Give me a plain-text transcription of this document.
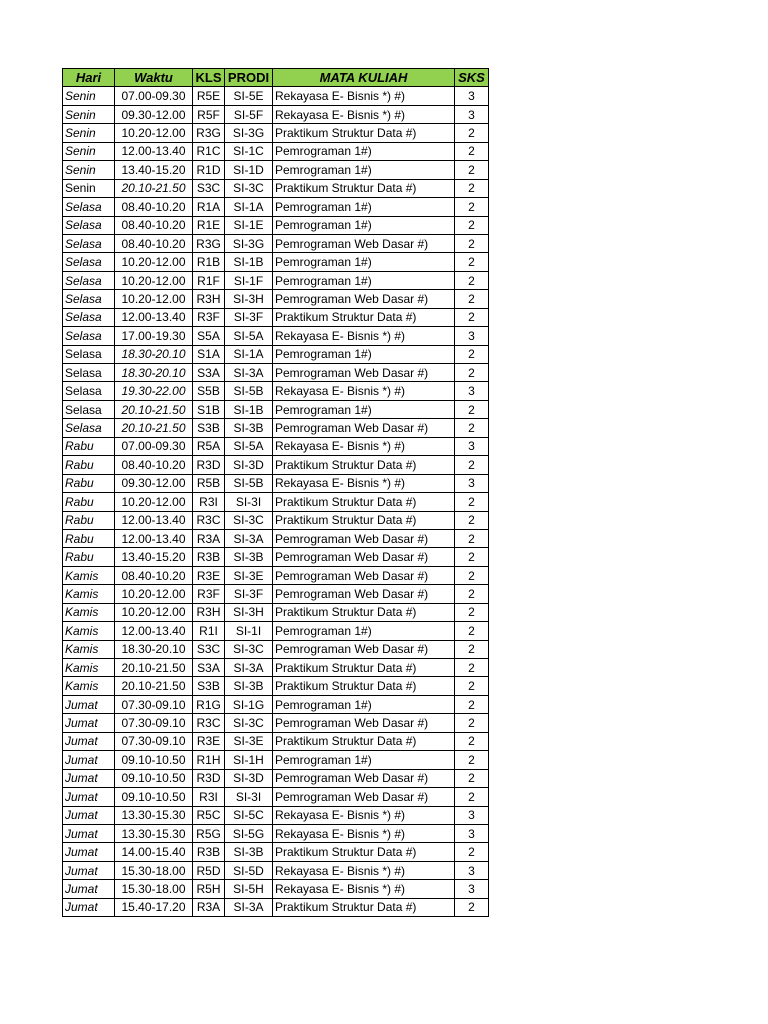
Hari	Waktu	KLS	PRODI	MATA KULIAH	SKS
Senin	07.00-09.30	R5E	SI-5E	Rekayasa E- Bisnis *) #)	3
Senin	09.30-12.00	R5F	SI-5F	Rekayasa E- Bisnis *) #)	3
Senin	10.20-12.00	R3G	SI-3G	Praktikum Struktur Data #)	2
Senin	12.00-13.40	R1C	SI-1C	Pemrograman 1#)	2
Senin	13.40-15.20	R1D	SI-1D	Pemrograman 1#)	2
Senin	20.10-21.50	S3C	SI-3C	Praktikum Struktur Data #)	2
Selasa	08.40-10.20	R1A	SI-1A	Pemrograman 1#)	2
Selasa	08.40-10.20	R1E	SI-1E	Pemrograman 1#)	2
Selasa	08.40-10.20	R3G	SI-3G	Pemrograman Web Dasar #)	2
Selasa	10.20-12.00	R1B	SI-1B	Pemrograman 1#)	2
Selasa	10.20-12.00	R1F	SI-1F	Pemrograman 1#)	2
Selasa	10.20-12.00	R3H	SI-3H	Pemrograman Web Dasar #)	2
Selasa	12.00-13.40	R3F	SI-3F	Praktikum Struktur Data #)	2
Selasa	17.00-19.30	S5A	SI-5A	Rekayasa E- Bisnis *) #)	3
Selasa	18.30-20.10	S1A	SI-1A	Pemrograman 1#)	2
Selasa	18.30-20.10	S3A	SI-3A	Pemrograman Web Dasar #)	2
Selasa	19.30-22.00	S5B	SI-5B	Rekayasa E- Bisnis *) #)	3
Selasa	20.10-21.50	S1B	SI-1B	Pemrograman 1#)	2
Selasa	20.10-21.50	S3B	SI-3B	Pemrograman Web Dasar #)	2
Rabu	07.00-09.30	R5A	SI-5A	Rekayasa E- Bisnis *) #)	3
Rabu	08.40-10.20	R3D	SI-3D	Praktikum Struktur Data #)	2
Rabu	09.30-12.00	R5B	SI-5B	Rekayasa E- Bisnis *) #)	3
Rabu	10.20-12.00	R3I	SI-3I	Praktikum Struktur Data #)	2
Rabu	12.00-13.40	R3C	SI-3C	Praktikum Struktur Data #)	2
Rabu	12.00-13.40	R3A	SI-3A	Pemrograman Web Dasar #)	2
Rabu	13.40-15.20	R3B	SI-3B	Pemrograman Web Dasar #)	2
Kamis	08.40-10.20	R3E	SI-3E	Pemrograman Web Dasar #)	2
Kamis	10.20-12.00	R3F	SI-3F	Pemrograman Web Dasar #)	2
Kamis	10.20-12.00	R3H	SI-3H	Praktikum Struktur Data #)	2
Kamis	12.00-13.40	R1I	SI-1I	Pemrograman 1#)	2
Kamis	18.30-20.10	S3C	SI-3C	Pemrograman Web Dasar #)	2
Kamis	20.10-21.50	S3A	SI-3A	Praktikum Struktur Data #)	2
Kamis	20.10-21.50	S3B	SI-3B	Praktikum Struktur Data #)	2
Jumat	07.30-09.10	R1G	SI-1G	Pemrograman 1#)	2
Jumat	07.30-09.10	R3C	SI-3C	Pemrograman Web Dasar #)	2
Jumat	07.30-09.10	R3E	SI-3E	Praktikum Struktur Data #)	2
Jumat	09.10-10.50	R1H	SI-1H	Pemrograman 1#)	2
Jumat	09.10-10.50	R3D	SI-3D	Pemrograman Web Dasar #)	2
Jumat	09.10-10.50	R3I	SI-3I	Pemrograman Web Dasar #)	2
Jumat	13.30-15.30	R5C	SI-5C	Rekayasa E- Bisnis *) #)	3
Jumat	13.30-15.30	R5G	SI-5G	Rekayasa E- Bisnis *) #)	3
Jumat	14.00-15.40	R3B	SI-3B	Praktikum Struktur Data #)	2
Jumat	15.30-18.00	R5D	SI-5D	Rekayasa E- Bisnis *) #)	3
Jumat	15.30-18.00	R5H	SI-5H	Rekayasa E- Bisnis *) #)	3
Jumat	15.40-17.20	R3A	SI-3A	Praktikum Struktur Data #)	2
